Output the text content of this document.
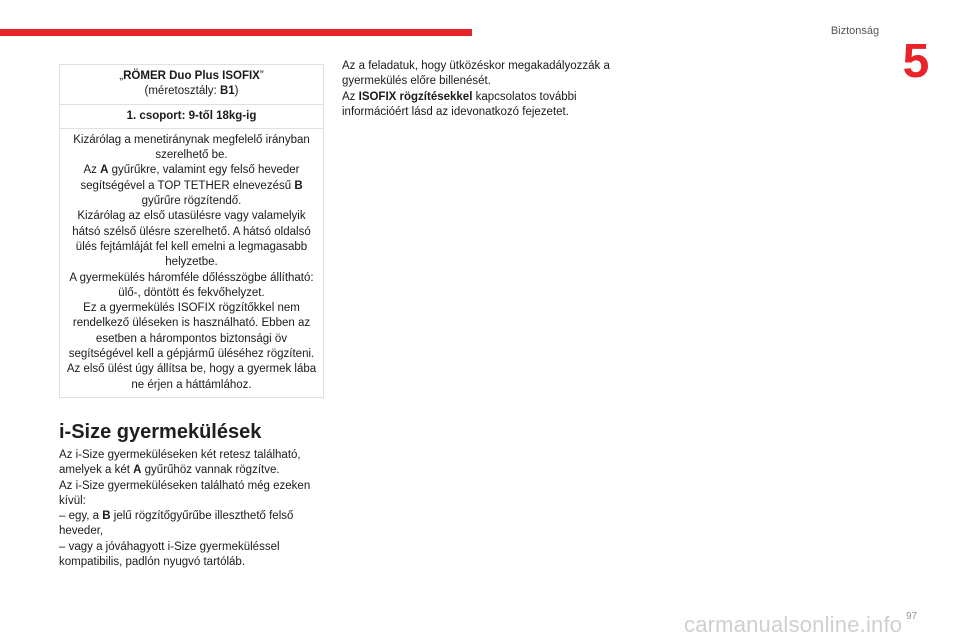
Biztonság
5
„RÖMER Duo Plus ISOFIX”
(méretosztály: B1)
1. csoport: 9-től 18kg-ig

Kizárólag a menetiránynak megfelelő irányban szerelhető be.

Az A gyűrűkre, valamint egy felső heveder segítségével a TOP TETHER elnevezésű B gyűrűre rögzítendő.

Kizárólag az első utasülésre vagy valamelyik hátsó szélső ülésre szerelhető. A hátsó oldalsó ülés fejtámláját fel kell emelni a legmagasabb helyzetbe.

A gyermekülés háromféle dőlésszögbe állítható: ülő-, döntött és fekvőhelyzet.

Ez a gyermekülés ISOFIX rögzítőkkel nem rendelkező üléseken is használható. Ebben az esetben a hárompontos biztonsági öv segítségével kell a gépjármű üléséhez rögzíteni. Az első ülést úgy állítsa be, hogy a gyermek lába ne érjen a háttámlához.

i-Size gyermekülések

Az i-Size gyermeküléseken két retesz található, amelyek a két A gyűrűhöz vannak rögzítve.

Az i-Size gyermeküléseken található még ezeken kívül:

– egy, a B jelű rögzítőgyűrűbe illeszthető felső heveder,

– vagy a jóváhagyott i-Size gyermeküléssel kompatibilis, padlón nyugvó tartóláb.

Az a feladatuk, hogy ütközéskor megakadályozzák a gyermekülés előre billenését.

Az ISOFIX rögzítésekkel kapcsolatos további információért lásd az idevonatkozó fejezetet.

carmanualsonline.info 97
